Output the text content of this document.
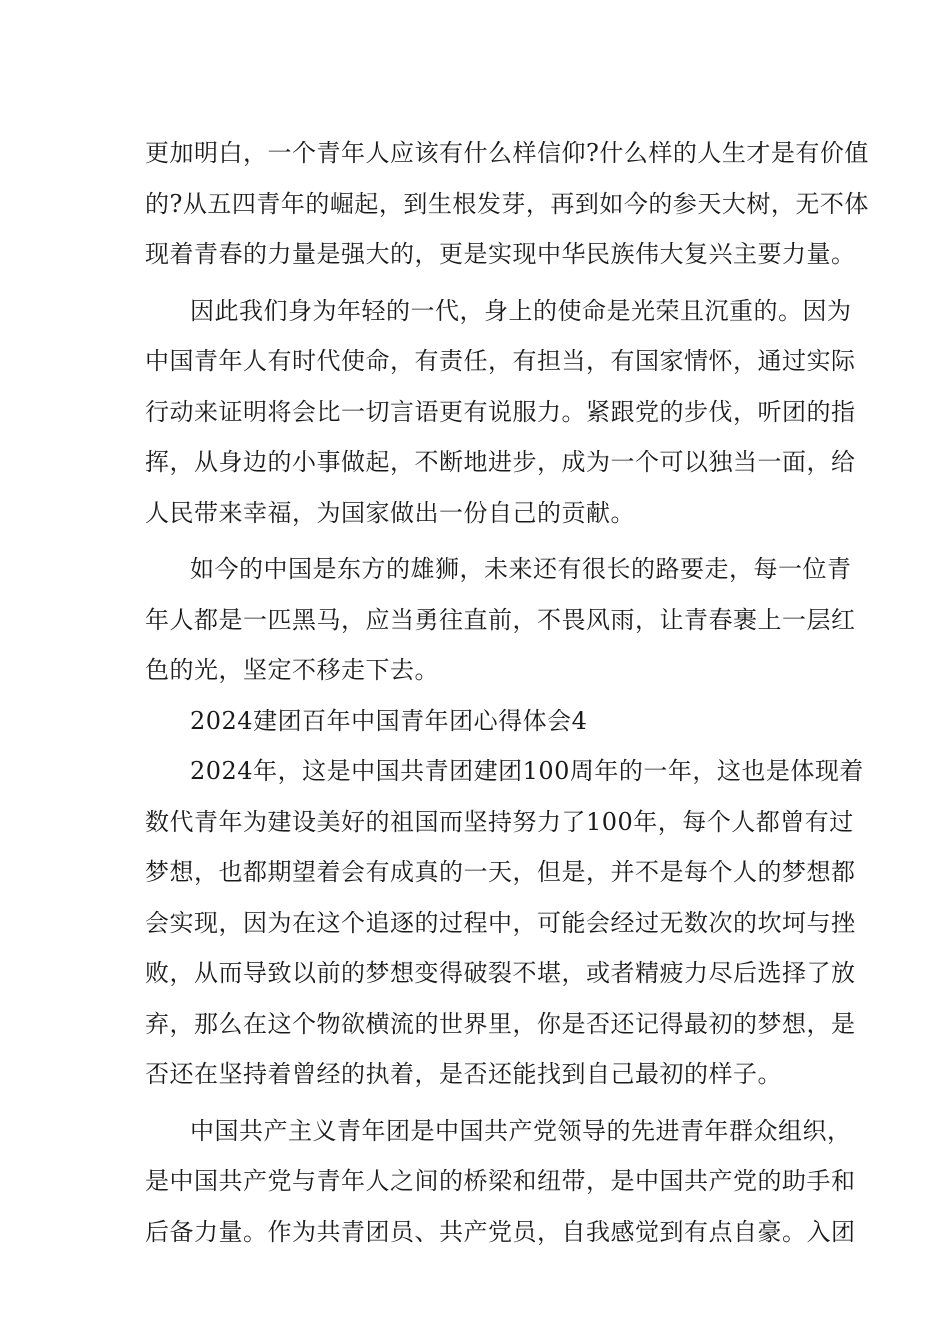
更加明白，一个青年人应该有什么样信仰?什么样的人生才是有价值
的?从五四青年的崛起，到生根发芽，再到如今的参天大树，无不体
现着青春的力量是强大的，更是实现中华民族伟大复兴主要力量。
因此我们身为年轻的一代，身上的使命是光荣且沉重的。因为
中国青年人有时代使命，有责任，有担当，有国家情怀，通过实际
行动来证明将会比一切言语更有说服力。紧跟党的步伐，听团的指
挥，从身边的小事做起，不断地进步，成为一个可以独当一面，给
人民带来幸福，为国家做出一份自己的贡献。
如今的中国是东方的雄狮，未来还有很长的路要走，每一位青
年人都是一匹黑马，应当勇往直前，不畏风雨，让青春裹上一层红
色的光，坚定不移走下去。
2024建团百年中国青年团心得体会4
2024年，这是中国共青团建团100周年的一年，这也是体现着
数代青年为建设美好的祖国而坚持努力了100年，每个人都曾有过
梦想，也都期望着会有成真的一天，但是，并不是每个人的梦想都
会实现，因为在这个追逐的过程中，可能会经过无数次的坎坷与挫
败，从而导致以前的梦想变得破裂不堪，或者精疲力尽后选择了放
弃，那么在这个物欲横流的世界里，你是否还记得最初的梦想，是
否还在坚持着曾经的执着，是否还能找到自己最初的样子。
中国共产主义青年团是中国共产党领导的先进青年群众组织，
是中国共产党与青年人之间的桥梁和纽带，是中国共产党的助手和
后备力量。作为共青团员、共产党员，自我感觉到有点自豪。入团
